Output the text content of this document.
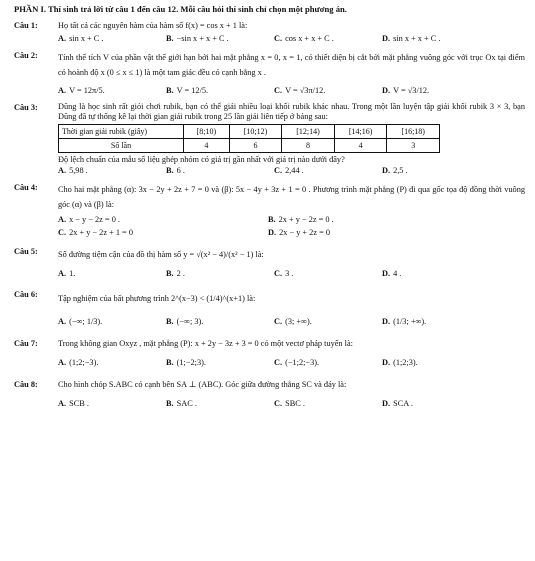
PHẦN I. Thí sinh trả lời từ câu 1 đến câu 12. Mỗi câu hỏi thí sinh chỉ chọn một phương án.
Câu 1:	Họ tất cả các nguyên hàm của hàm số f(x) = cos x + 1 là:
A. sin x + C .	B. −sin x + x + C .	C. cos x + x + C .	D. sin x + x + C .
Câu 2:	Tính thể tích V của phần vật thể giới hạn bởi hai mặt phẳng x = 0, x = 1, có thiết diện bị cắt bởi mặt phẳng vuông góc với trục Ox tại điểm có hoành độ x (0 ≤ x ≤ 1) là một tam giác đều có cạnh bằng x .
A. V = 12π/5.	B. V = 12/5.	C. V = √3π/12.	D. V = √3/12.
Câu 3:	Dũng là học sinh rất giỏi chơi rubik, bạn có thể giải nhiều loại khối rubik khác nhau. Trong một lần luyện tập giải khối rubik 3 × 3, bạn Dũng đã tự thống kê lại thời gian giải rubik trong 25 lần giải liên tiếp ở bảng sau:
Thời gian giải rubik (giây)	[8;10)	[10;12)	[12;14)	[14;16)	[16;18)
Số lần	4	6	8	4	3
Độ lệch chuẩn của mẫu số liệu ghép nhóm có giá trị gần nhất với giá trị nào dưới đây?
A. 5,98 .	B. 6 .	C. 2,44 .	D. 2,5 .
Câu 4:	Cho hai mặt phẳng (α): 3x − 2y + 2z + 7 = 0 và (β): 5x − 4y + 3z + 1 = 0 . Phương trình mặt phẳng (P) đi qua gốc tọa độ đồng thời vuông góc (α) và (β) là:
A. x − y − 2z = 0 .	B. 2x + y − 2z = 0 .
C. 2x + y − 2z + 1 = 0	D. 2x − y + 2z = 0
Câu 5:	Số đường tiệm cận của đồ thị hàm số y = √(x² − 4)/(x² − 1) là:
A. 1.	B. 2 .	C. 3 .	D. 4 .
Câu 6:	Tập nghiệm của bất phương trình 2^(x−3) < (1/4)^(x+1) là:
A. (−∞; 1/3).	B. (−∞; 3).	C. (3; +∞).	D. (1/3; +∞).
Câu 7:	Trong không gian Oxyz , mặt phẳng (P): x + 2y − 3z + 3 = 0 có một vectơ pháp tuyến là:
A. (1;2;−3).	B. (1;−2;3).	C. (−1;2;−3).	D. (1;2;3).
Câu 8:	Cho hình chóp S.ABC có cạnh bên SA ⊥ (ABC). Góc giữa đường thẳng SC và đáy là:
A. SCB .	B. SAC .	C. SBC .	D. SCA .
